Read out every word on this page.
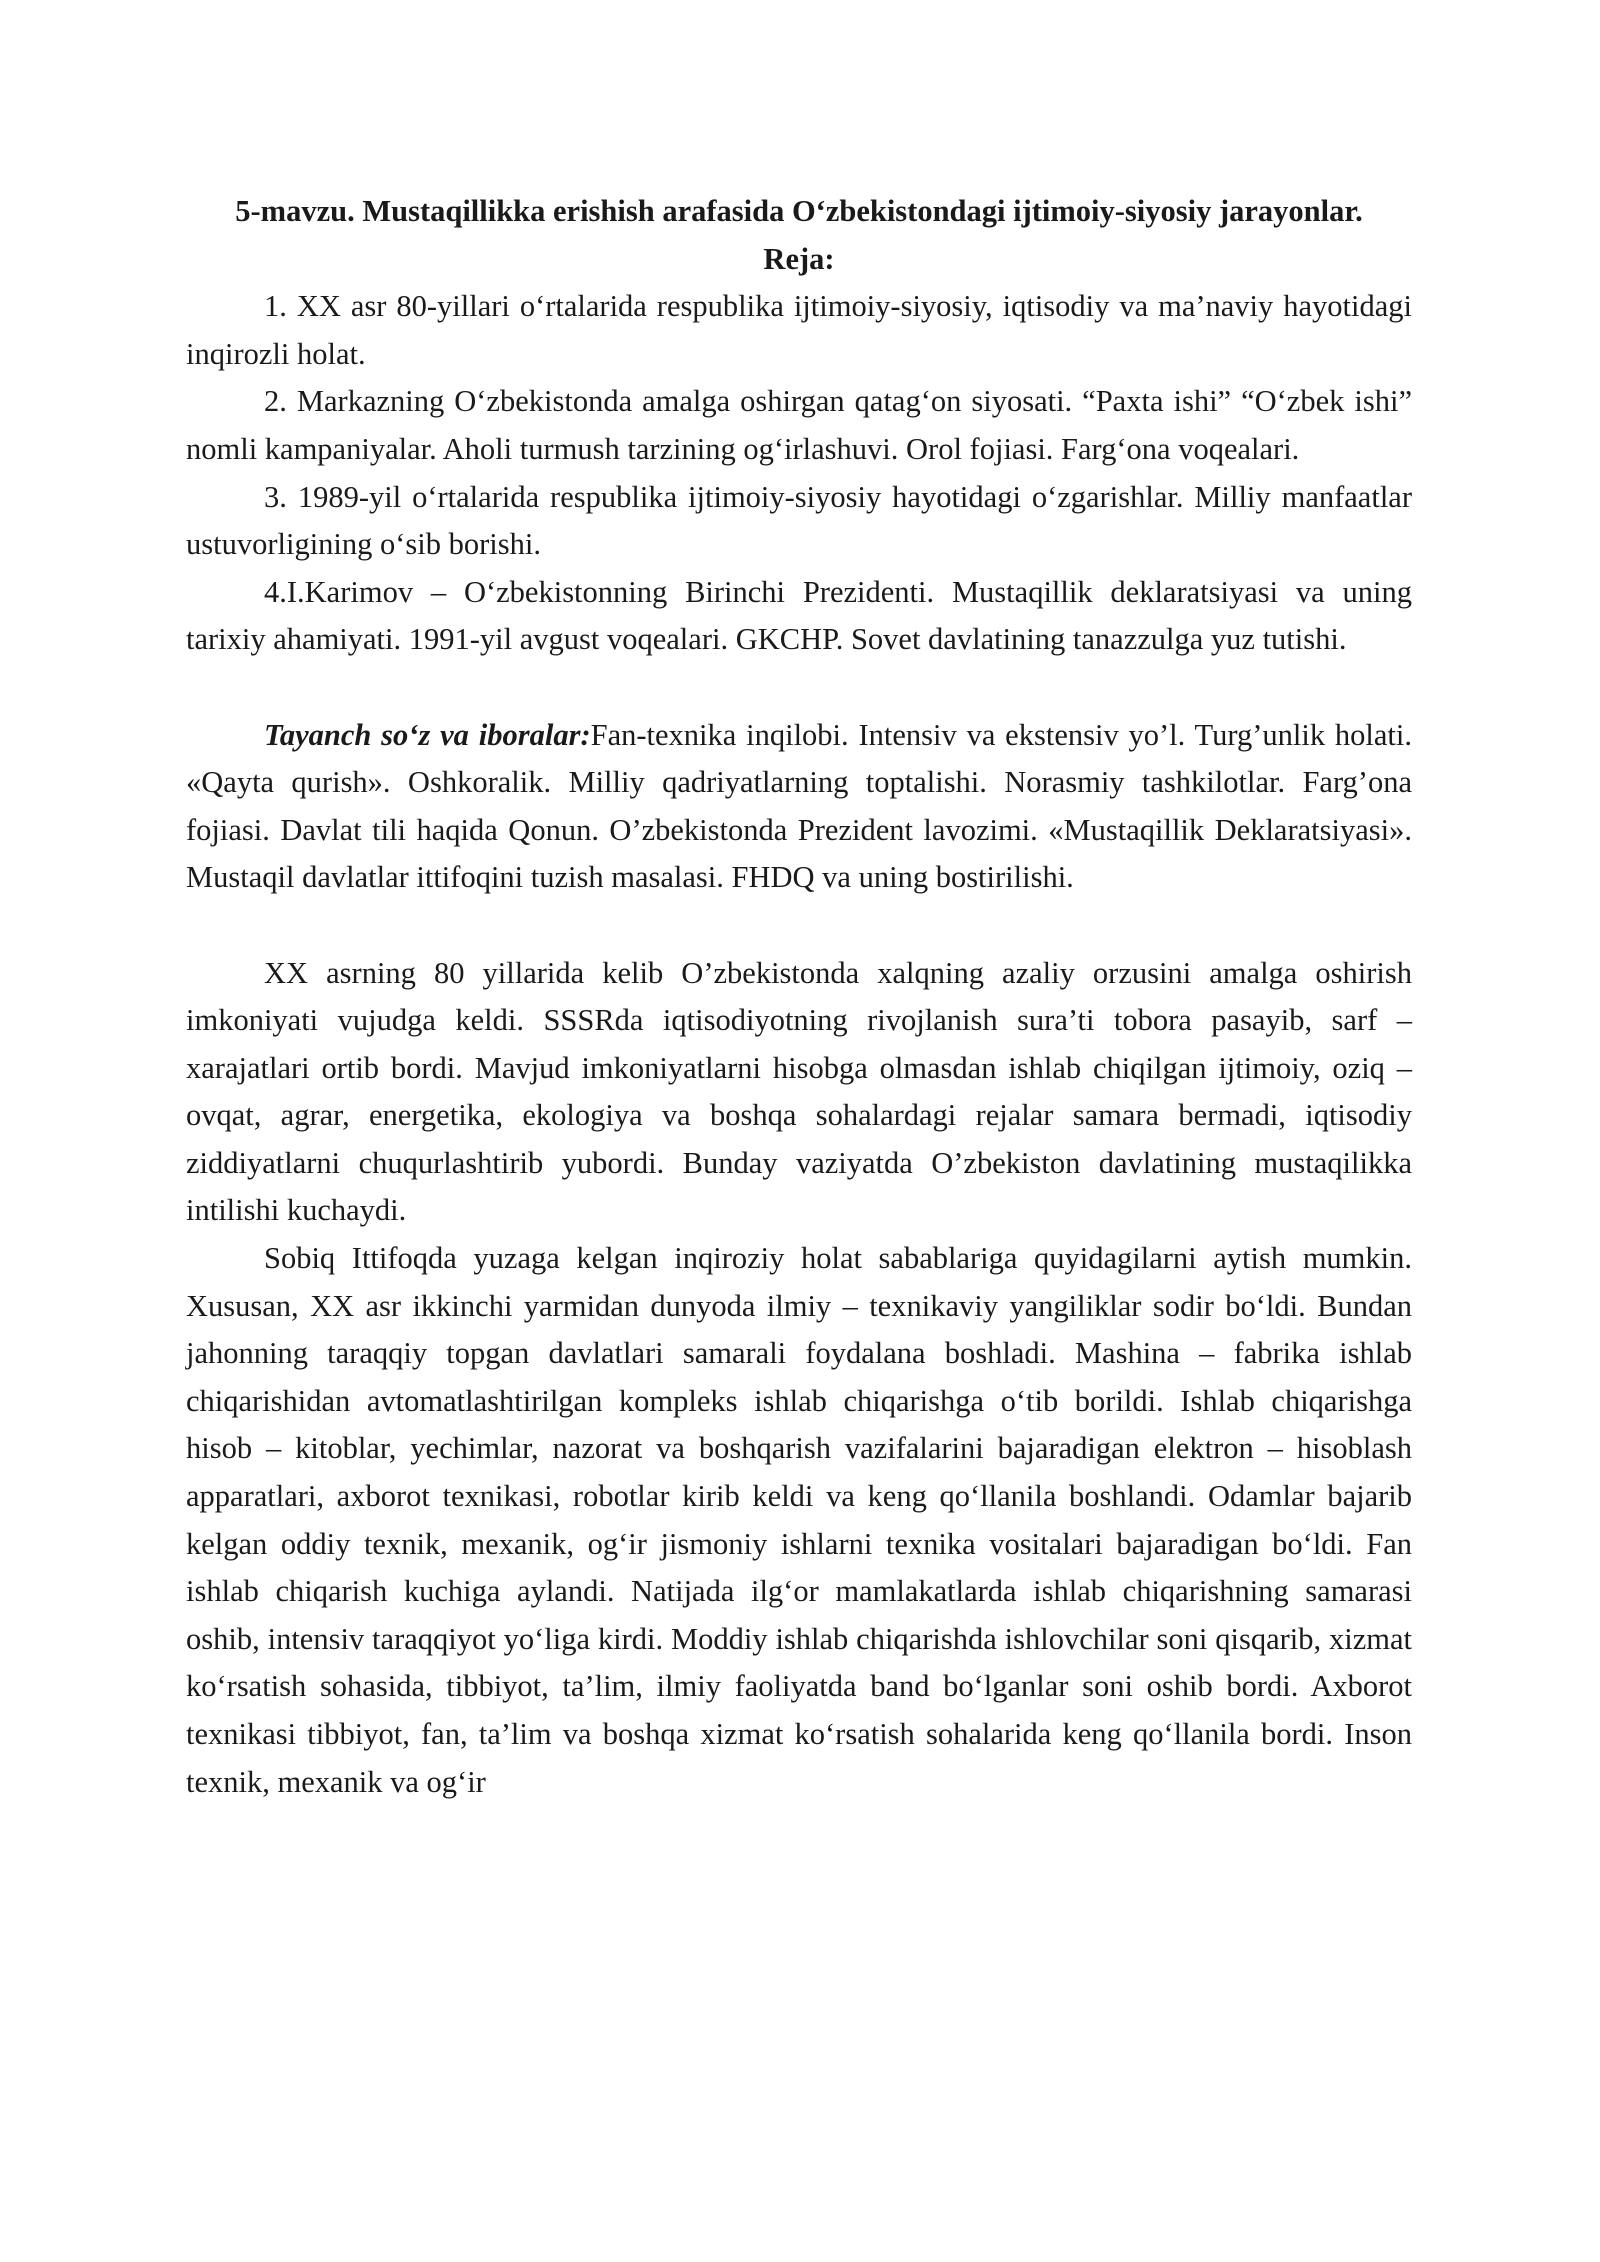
5-mavzu. Mustaqillikka erishish arafasida O‘zbekistondagi ijtimoiy-siyosiy jarayonlar.
Reja:

1. XX asr 80-yillari o‘rtalarida respublika ijtimoiy-siyosiy, iqtisodiy va ma’naviy hayotidagi inqirozli holat.

2. Markazning O‘zbekistonda amalga oshirgan qatag‘on siyosati. “Paxta ishi” “O‘zbek ishi” nomli kampaniyalar. Aholi turmush tarzining og‘irlashuvi. Orol fojiasi. Farg‘ona voqealari.

3. 1989-yil o‘rtalarida respublika ijtimoiy-siyosiy hayotidagi o‘zgarishlar. Milliy manfaatlar ustuvorligining o‘sib borishi.

4.I.Karimov – O‘zbekistonning Birinchi Prezidenti. Mustaqillik deklaratsiyasi va uning tarixiy ahamiyati. 1991-yil avgust voqealari. GKCHP. Sovet davlatining tanazzulga yuz tutishi.

Tayanch so‘z va iboralar:Fan-texnika inqilobi. Intensiv va ekstensiv yo’l. Turg’unlik holati. «Qayta qurish». Oshkoralik. Milliy qadriyatlarning toptalishi. Norasmiy tashkilotlar. Farg’ona fojiasi. Davlat tili haqida Qonun. O’zbekistonda Prezident lavozimi. «Mustaqillik Deklaratsiyasi». Mustaqil davlatlar ittifoqini tuzish masalasi. FHDQ va uning bostirilishi.

XX asrning 80 yillarida kelib O’zbekistonda xalqning azaliy orzusini amalga oshirish imkoniyati vujudga keldi. SSSRda iqtisodiyotning rivojlanish sura’ti tobora pasayib, sarf – xarajatlari ortib bordi. Mavjud imkoniyatlarni hisobga olmasdan ishlab chiqilgan ijtimoiy, oziq – ovqat, agrar, energetika, ekologiya va boshqa sohalardagi rejalar samara bermadi, iqtisodiy ziddiyatlarni chuqurlashtirib yubordi. Bunday vaziyatda O’zbekiston davlatining mustaqilikka intilishi kuchaydi.

Sobiq Ittifoqda yuzaga kelgan inqiroziy holat sabablariga quyidagilarni aytish mumkin. Xususan, XX asr ikkinchi yarmidan dunyoda ilmiy – texnikaviy yangiliklar sodir bo‘ldi. Bundan jahonning taraqqiy topgan davlatlari samarali foydalana boshladi. Mashina – fabrika ishlab chiqarishidan avtomatlashtirilgan kompleks ishlab chiqarishga o‘tib borildi. Ishlab chiqarishga hisob – kitoblar, yechimlar, nazorat va boshqarish vazifalarini bajaradigan elektron – hisoblash apparatlari, axborot texnikasi, robotlar kirib keldi va keng qo‘llanila boshlandi. Odamlar bajarib kelgan oddiy texnik, mexanik, og‘ir jismoniy ishlarni texnika vositalari bajaradigan bo‘ldi. Fan ishlab chiqarish kuchiga aylandi. Natijada ilg‘or mamlakatlarda ishlab chiqarishning samarasi oshib, intensiv taraqqiyot yo‘liga kirdi. Moddiy ishlab chiqarishda ishlovchilar soni qisqarib, xizmat ko‘rsatish sohasida, tibbiyot, ta’lim, ilmiy faoliyatda band bo‘lganlar soni oshib bordi. Axborot texnikasi tibbiyot, fan, ta’lim va boshqa xizmat ko‘rsatish sohalarida keng qo‘llanila bordi. Inson texnik, mexanik va og‘ir
